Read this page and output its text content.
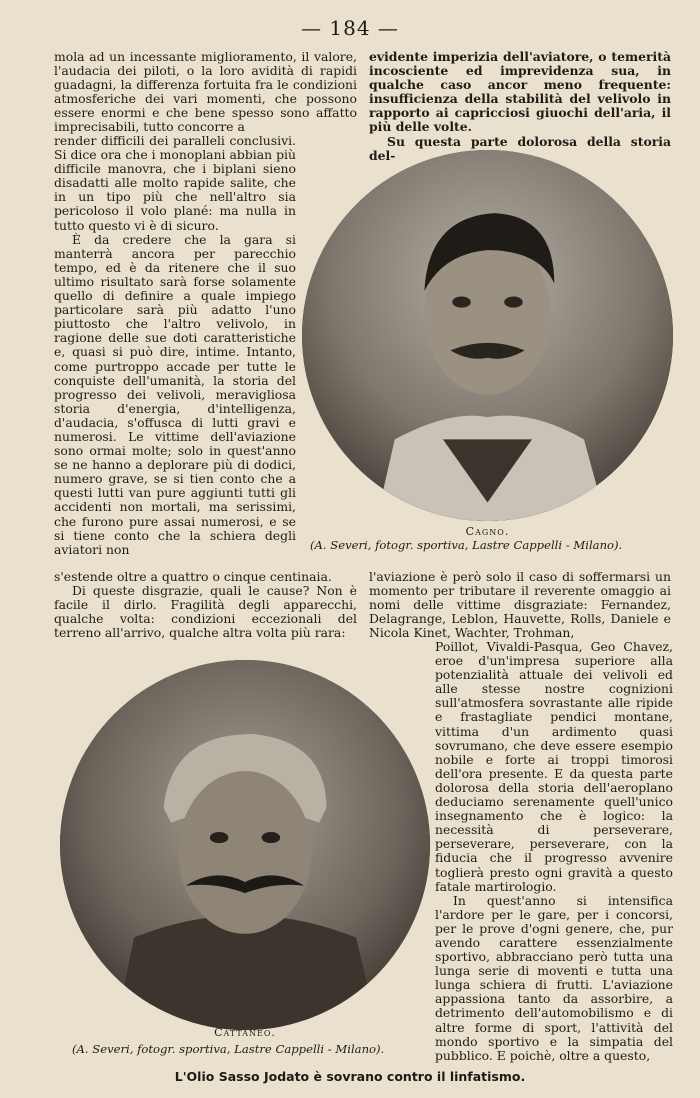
— 184 —

mola ad un incessante miglioramento, il valore, l'audacia dei piloti, o la loro avidità di rapidi guadagni, la differenza fortuita fra le condizioni atmosferiche dei vari momenti, che possono essere enormi e che bene spesso sono affatto imprecisabili, tutto concorre a

evidente imperizia dell'aviatore, o temerità incosciente ed imprevidenza sua, in qualche caso ancor meno frequente: insufficienza della stabilità del velivolo in rapporto ai capricciosi giuochi dell'aria, il più delle volte.

Su questa parte dolorosa della storia del-

render difficili dei paralleli conclusivi. Si dice ora che i monoplani abbian più difficile manovra, che i biplani sieno disadatti alle molto rapide salite, che in un tipo più che nell'altro sia pericoloso il volo plané: ma nulla in tutto questo vi è di sicuro.

È da credere che la gara si manterrà ancora per parecchio tempo, ed è da ritenere che il suo ultimo risultato sarà forse solamente quello di definire a quale impiego particolare sarà più adatto l'uno piuttosto che l'altro velivolo, in ragione delle sue doti caratteristiche e, quasi si può dire, intime. Intanto, come purtroppo accade per tutte le conquiste dell'umanità, la storia del progresso dei velivoli, meravigliosa storia d'energia, d'intelligenza, d'audacia, s'offusca di lutti gravi e numerosi. Le vittime dell'aviazione sono ormai molte; solo in quest'anno se ne hanno a deplorare più di dodici, numero grave, se si tien conto che a questi lutti van pure aggiunti tutti gli accidenti non mortali, ma serissimi, che furono pure assai numerosi, e se si tiene conto che la schiera degli aviatori non

Cagno.

(A. Severi, fotogr. sportiva, Lastre Cappelli - Milano).

s'estende oltre a quattro o cinque centinaia.

Di queste disgrazie, quali le cause? Non è facile il dirlo. Fragilità degli apparecchi, qualche volta: condizioni eccezionali del terreno all'arrivo, qualche altra volta più rara:

l'aviazione è però solo il caso di soffermarsi un momento per tributare il reverente omaggio ai nomi delle vittime disgraziate: Fernandez, Delagrange, Leblon, Hauvette, Rolls, Daniele e Nicola Kinet, Wachter, Trohman,

Cattaneo.

(A. Severi, fotogr. sportiva, Lastre Cappelli - Milano).

Poillot, Vivaldi-Pasqua, Geo Chavez, eroe d'un'impresa superiore alla potenzialità attuale dei velivoli ed alle stesse nostre cognizioni sull'atmosfera sovrastante alle ripide e frastagliate pendici montane, vittima d'un ardimento quasi sovrumano, che deve essere esempio nobile e forte ai troppi timorosi dell'ora presente. E da questa parte dolorosa della storia dell'aeroplano deduciamo serenamente quell'unico insegnamento che è logico: la necessità di perseverare, perseverare, perseverare, con la fiducia che il progresso avvenire toglierà presto ogni gravità a questo fatale martirologio.

In quest'anno si intensifica l'ardore per le gare, per i concorsi, per le prove d'ogni genere, che, pur avendo carattere essenzialmente sportivo, abbracciano però tutta una lunga serie di moventi e tutta una lunga schiera di frutti. L'aviazione appassiona tanto da assorbire, a detrimento dell'automobilismo e di altre forme di sport, l'attività del mondo sportivo e la simpatia del pubblico. E poichè, oltre a questo,

L'Olio Sasso Jodato è sovrano contro il linfatismo.
